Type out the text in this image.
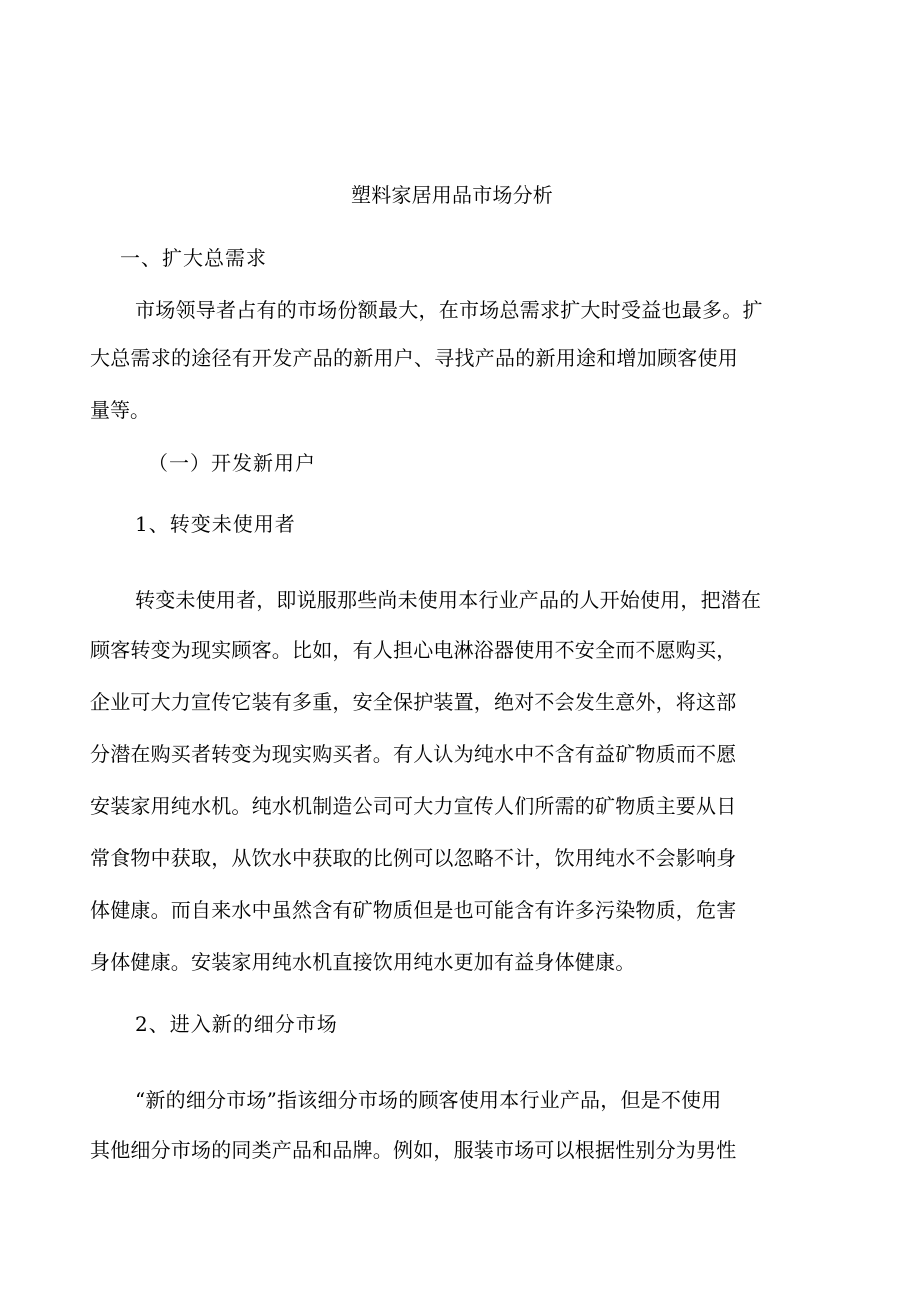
塑料家居用品市场分析
一、扩大总需求
市场领导者占有的市场份额最大，在市场总需求扩大时受益也最多。扩
大总需求的途径有开发产品的新用户、寻找产品的新用途和增加顾客使用
量等。
（一）开发新用户
1、转变未使用者
转变未使用者，即说服那些尚未使用本行业产品的人开始使用，把潜在
顾客转变为现实顾客。比如，有人担心电淋浴器使用不安全而不愿购买，
企业可大力宣传它装有多重，安全保护装置，绝对不会发生意外，将这部
分潜在购买者转变为现实购买者。有人认为纯水中不含有益矿物质而不愿
安装家用纯水机。纯水机制造公司可大力宣传人们所需的矿物质主要从日
常食物中获取，从饮水中获取的比例可以忽略不计，饮用纯水不会影响身
体健康。而自来水中虽然含有矿物质但是也可能含有许多污染物质，危害
身体健康。安装家用纯水机直接饮用纯水更加有益身体健康。
2、进入新的细分市场
“新的细分市场”指该细分市场的顾客使用本行业产品，但是不使用
其他细分市场的同类产品和品牌。例如，服装市场可以根据性别分为男性
